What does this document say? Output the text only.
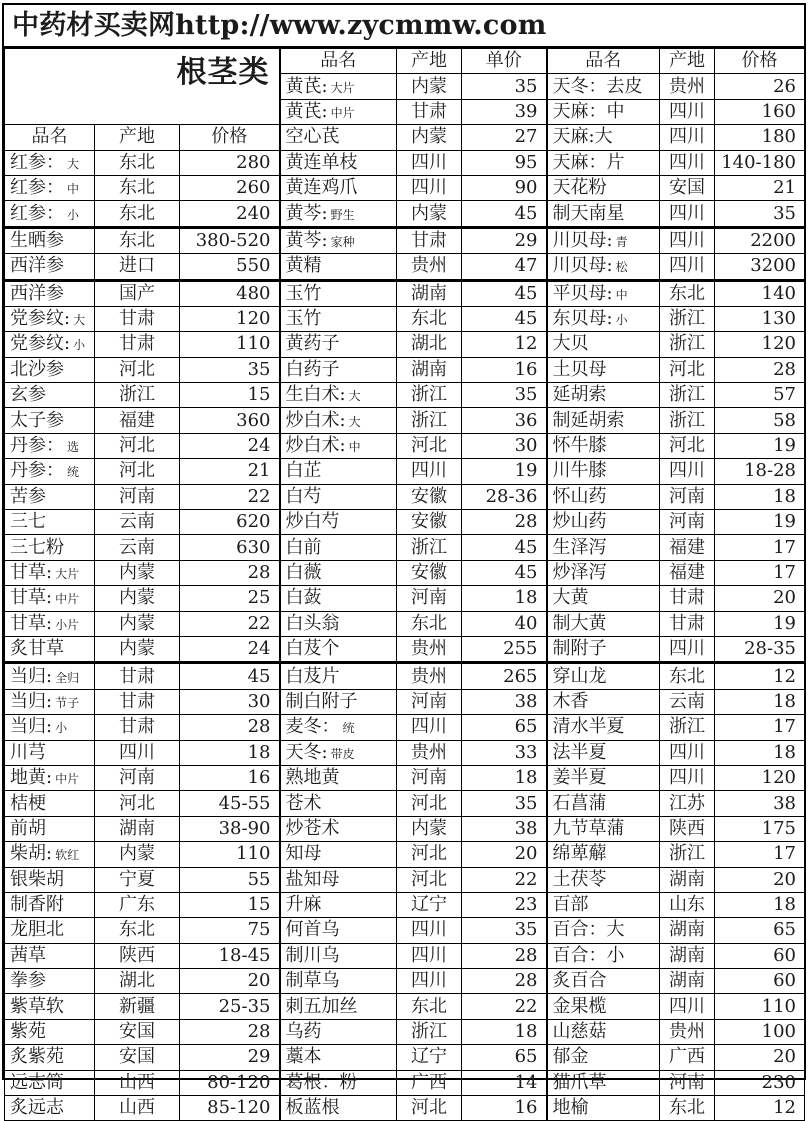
中药材买卖网http://www.zycmmw.com
根茎类			品名	产地	单价	品名	产地	价格
			黄芪: 大片	内蒙	35	天冬：去皮	贵州	26
			黄芪: 中片	甘肃	39	天麻：中	四川	160
品名	产地	价格	空心芪	内蒙	27	天麻:大	四川	180
红参： 大	东北	280	黄连单枝	四川	95	天麻：片	四川	140-180
红参： 中	东北	260	黄连鸡爪	四川	90	天花粉	安国	21
红参： 小	东北	240	黄芩: 野生	内蒙	45	制天南星	四川	35
生晒参	东北	380-520	黄芩: 家种	甘肃	29	川贝母: 青	四川	2200
西洋参	进口	550	黄精	贵州	47	川贝母: 松	四川	3200
西洋参	国产	480	玉竹	湖南	45	平贝母: 中	东北	140
党参纹: 大	甘肃	120	玉竹	东北	45	东贝母: 小	浙江	130
党参纹: 小	甘肃	110	黄药子	湖北	12	大贝	浙江	120
北沙参	河北	35	白药子	湖南	16	土贝母	河北	28
玄参	浙江	15	生白术: 大	浙江	35	延胡索	浙江	57
太子参	福建	360	炒白术: 大	浙江	36	制延胡索	浙江	58
丹参： 选	河北	24	炒白术: 中	河北	30	怀牛膝	河北	19
丹参： 统	河北	21	白芷	四川	19	川牛膝	四川	18-28
苦参	河南	22	白芍	安徽	28-36	怀山药	河南	18
三七	云南	620	炒白芍	安徽	28	炒山药	河南	19
三七粉	云南	630	白前	浙江	45	生泽泻	福建	17
甘草: 大片	内蒙	28	白薇	安徽	45	炒泽泻	福建	17
甘草: 中片	内蒙	25	白蔹	河南	18	大黄	甘肃	20
甘草: 小片	内蒙	22	白头翁	东北	40	制大黄	甘肃	19
炙甘草	内蒙	24	白芨个	贵州	255	制附子	四川	28-35
当归: 全归	甘肃	45	白芨片	贵州	265	穿山龙	东北	12
当归: 节子	甘肃	30	制白附子	河南	38	木香	云南	18
当归: 小	甘肃	28	麦冬： 统	四川	65	清水半夏	浙江	17
川芎	四川	18	天冬: 带皮	贵州	33	法半夏	四川	18
地黄: 中片	河南	16	熟地黄	河南	18	姜半夏	四川	120
桔梗	河北	45-55	苍术	河北	35	石菖蒲	江苏	38
前胡	湖南	38-90	炒苍术	内蒙	38	九节草蒲	陕西	175
柴胡: 软红	内蒙	110	知母	河北	20	绵萆薢	浙江	17
银柴胡	宁夏	55	盐知母	河北	22	土茯苓	湖南	20
制香附	广东	15	升麻	辽宁	23	百部	山东	18
龙胆北	东北	75	何首乌	四川	35	百合：大	湖南	65
茜草	陕西	18-45	制川乌	四川	28	百合：小	湖南	60
拳参	湖北	20	制草乌	四川	28	炙百合	湖南	60
紫草软	新疆	25-35	刺五加丝	东北	22	金果榄	四川	110
紫苑	安国	28	乌药	浙江	18	山慈菇	贵州	100
炙紫苑	安国	29	藁本	辽宁	65	郁金	广西	20
远志筒	山西	80-120	葛根：粉	广西	14	猫爪草	河南	230
炙远志	山西	85-120	板蓝根	河北	16	地榆	东北	12
